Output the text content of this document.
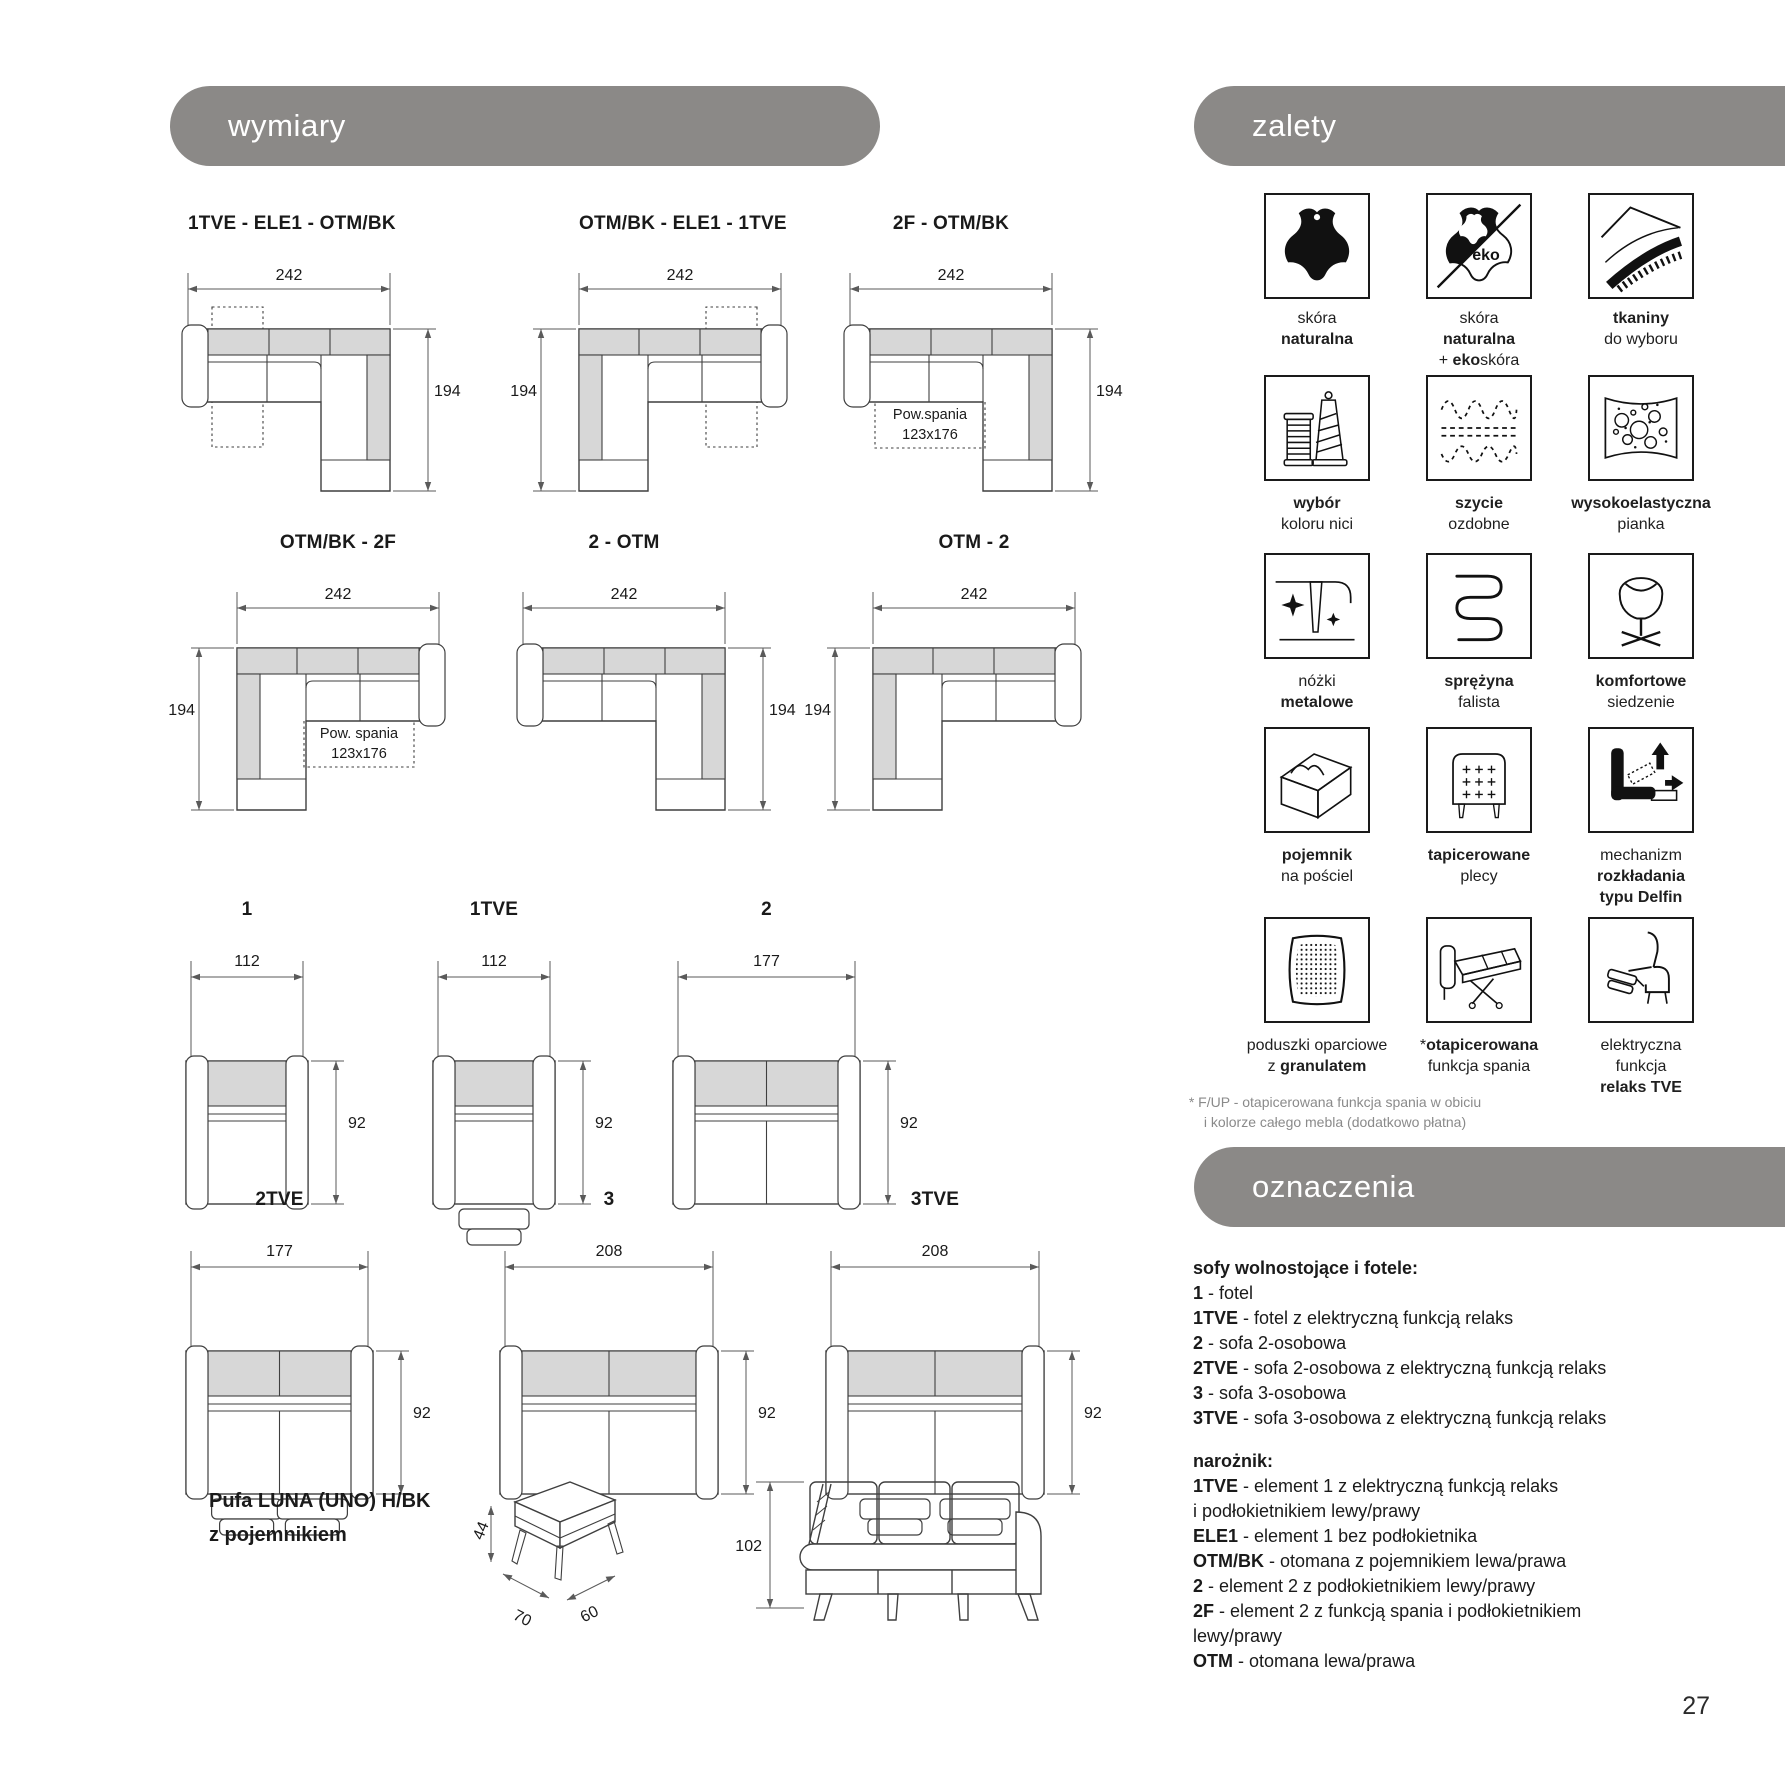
wymiary	zalety
oznaczenia
1TVE - ELE1 - OTM/BK
242
194
OTM/BK - ELE1 - 1TVE
242
194
2F - OTM/BK
242
194
Pow.spania
123x176
OTM/BK - 2F
242
194
Pow. spania
123x176
2 - OTM
242
194
OTM - 2
242
194
1
112
92
1TVE
112
92
2
177
92
2TVE
177
92
3
208
92
3TVE
208
92
Pufa LUNA (UNO) H/BK
z pojemnikiem	44
70	60
102
eko
skóra
naturalna
skóra
naturalna
+ ekoskóra
tkaniny
do wyboru
wybór
koloru nici
szycie
ozdobne
wysokoelastyczna
pianka
nóżki
metalowe
sprężyna
falista
komfortowe
siedzenie
pojemnik
na pościel
tapicerowane
plecy
mechanizm
rozkładania
typu Delfin
poduszki oparciowe
z granulatem
*otapicerowana
funkcja spania
elektryczna
funkcja
relaks TVE
* F/UP - otapicerowana funkcja spania w obiciu
i kolorze całego mebla (dodatkowo płatna)
sofy wolnostojące i fotele:
1 - fotel
1TVE - fotel z elektryczną funkcją relaks
2 - sofa 2-osobowa
2TVE - sofa 2-osobowa z elektryczną funkcją relaks
3 - sofa 3-osobowa
3TVE - sofa 3-osobowa z elektryczną funkcją relaks
narożnik:
1TVE - element 1 z elektryczną funkcją relaks
i podłokietnikiem lewy/prawy
ELE1 - element 1 bez podłokietnika
OTM/BK - otomana z pojemnikiem lewa/prawa
2 - element 2 z podłokietnikiem lewy/prawy
2F - element 2 z funkcją spania i podłokietnikiem
lewy/prawy
OTM - otomana lewa/prawa
27
